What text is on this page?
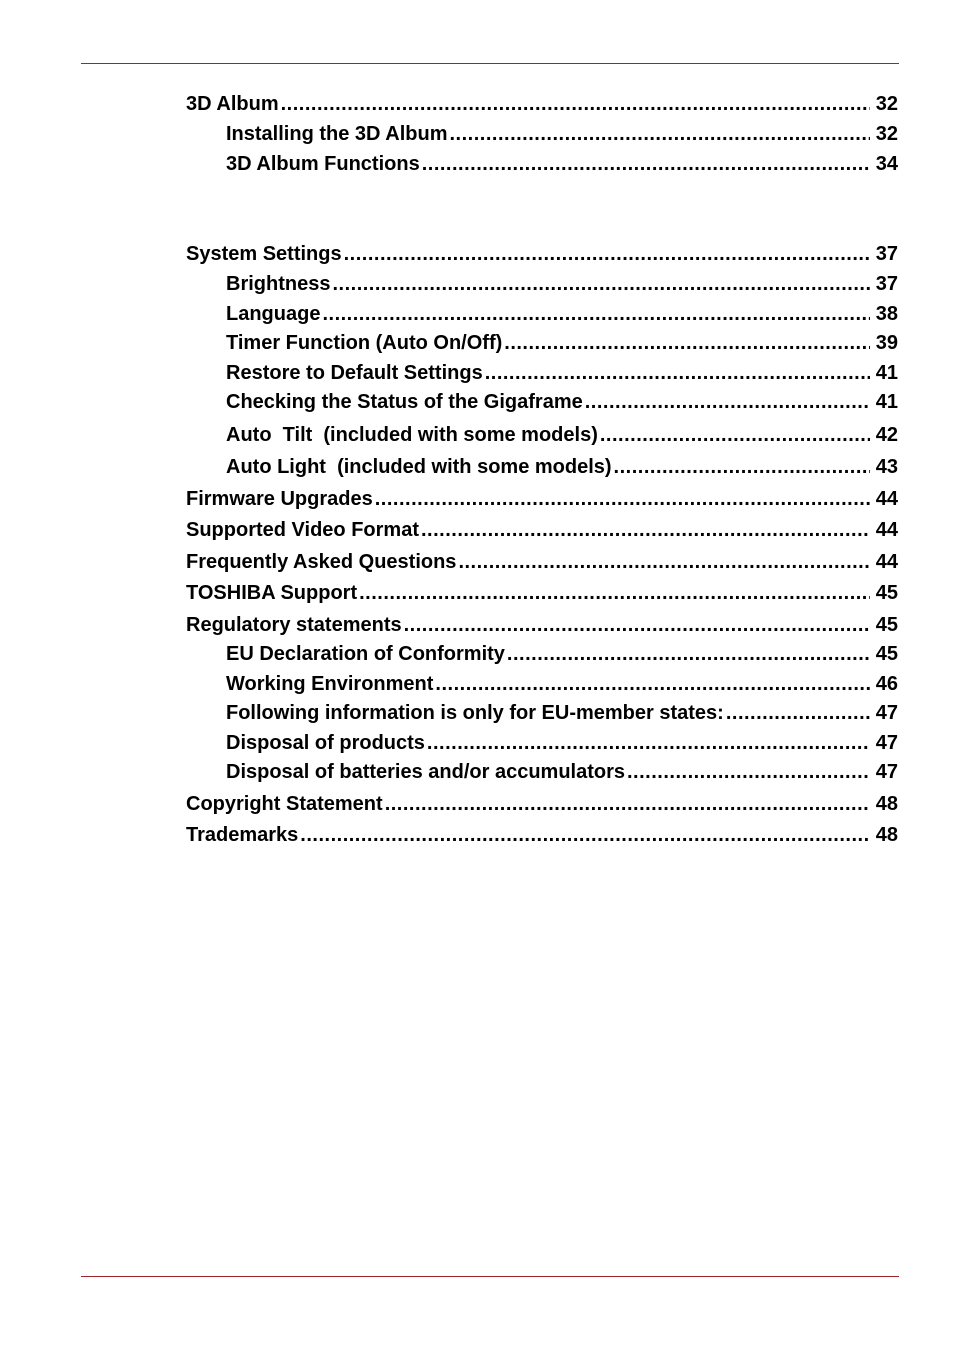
3D Album .....	32
Installing the 3D Album .....	32
3D Album Functions .....	34
System Settings .....	37
Brightness .....	37
Language .....	38
Timer Function (Auto On/Off) .....	39
Restore to Default Settings .....	41
Checking the Status of the Gigaframe .....	41
Auto  Tilt  (included with some models) .....	42
Auto Light  (included with some models) .....	43
Firmware Upgrades .....	44
Supported Video Format .....	44
Frequently Asked Questions .....	44
TOSHIBA Support .....	45
Regulatory statements .....	45
EU Declaration of Conformity .....	45
Working Environment .....	46
Following information is only for EU-member states: .....	47
Disposal of products .....	47
Disposal of batteries and/or accumulators .....	47
Copyright Statement .....	48
Trademarks .....	48
